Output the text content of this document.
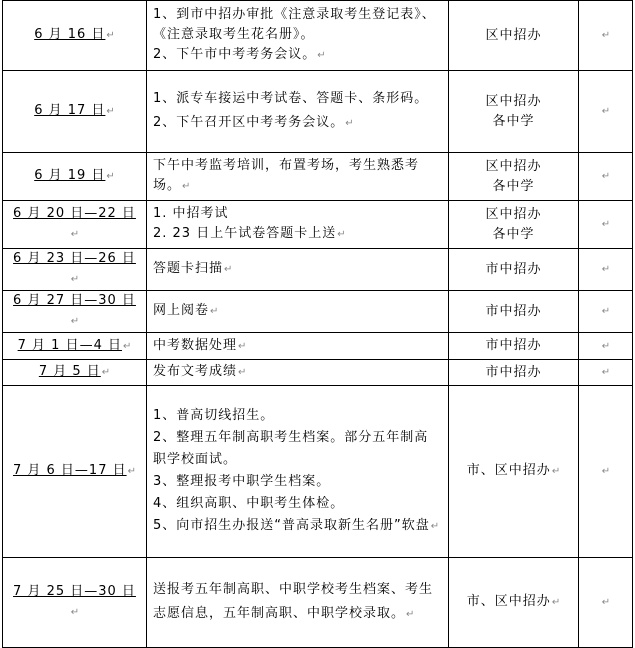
6 月 16 日↵	1、到市中招办审批《注意录取考生登记表》、《注意录取考生花名册》。
2、下午市中考考务会议。↵	区中招办	↵
6 月 17 日↵	1、派专车接运中考试卷、答题卡、条形码。
2、下午召开区中考考务会议。↵	区中招办
各中学	↵
6 月 19 日↵	下午中考监考培训，布置考场，考生熟悉考场。↵	区中招办
各中学	↵
6 月 20 日—22 日↵	1. 中招考试
2. 23 日上午试卷答题卡上送↵	区中招办
各中学	↵
6 月 23 日—26 日↵	答题卡扫描↵	市中招办	↵
6 月 27 日—30 日↵	网上阅卷↵	市中招办	↵
7 月 1 日—4 日↵	中考数据处理↵	市中招办	↵
7 月 5 日↵	发布文考成绩↵	市中招办	↵
7 月 6 日—17 日↵	1、普高切线招生。
2、整理五年制高职考生档案。部分五年制高职学校面试。
3、整理报考中职学生档案。
4、组织高职、中职考生体检。
5、向市招生办报送“普高录取新生名册”软盘↵	市、区中招办↵	↵
7 月 25 日—30 日↵	送报考五年制高职、中职学校考生档案、考生志愿信息，五年制高职、中职学校录取。↵	市、区中招办↵	↵
